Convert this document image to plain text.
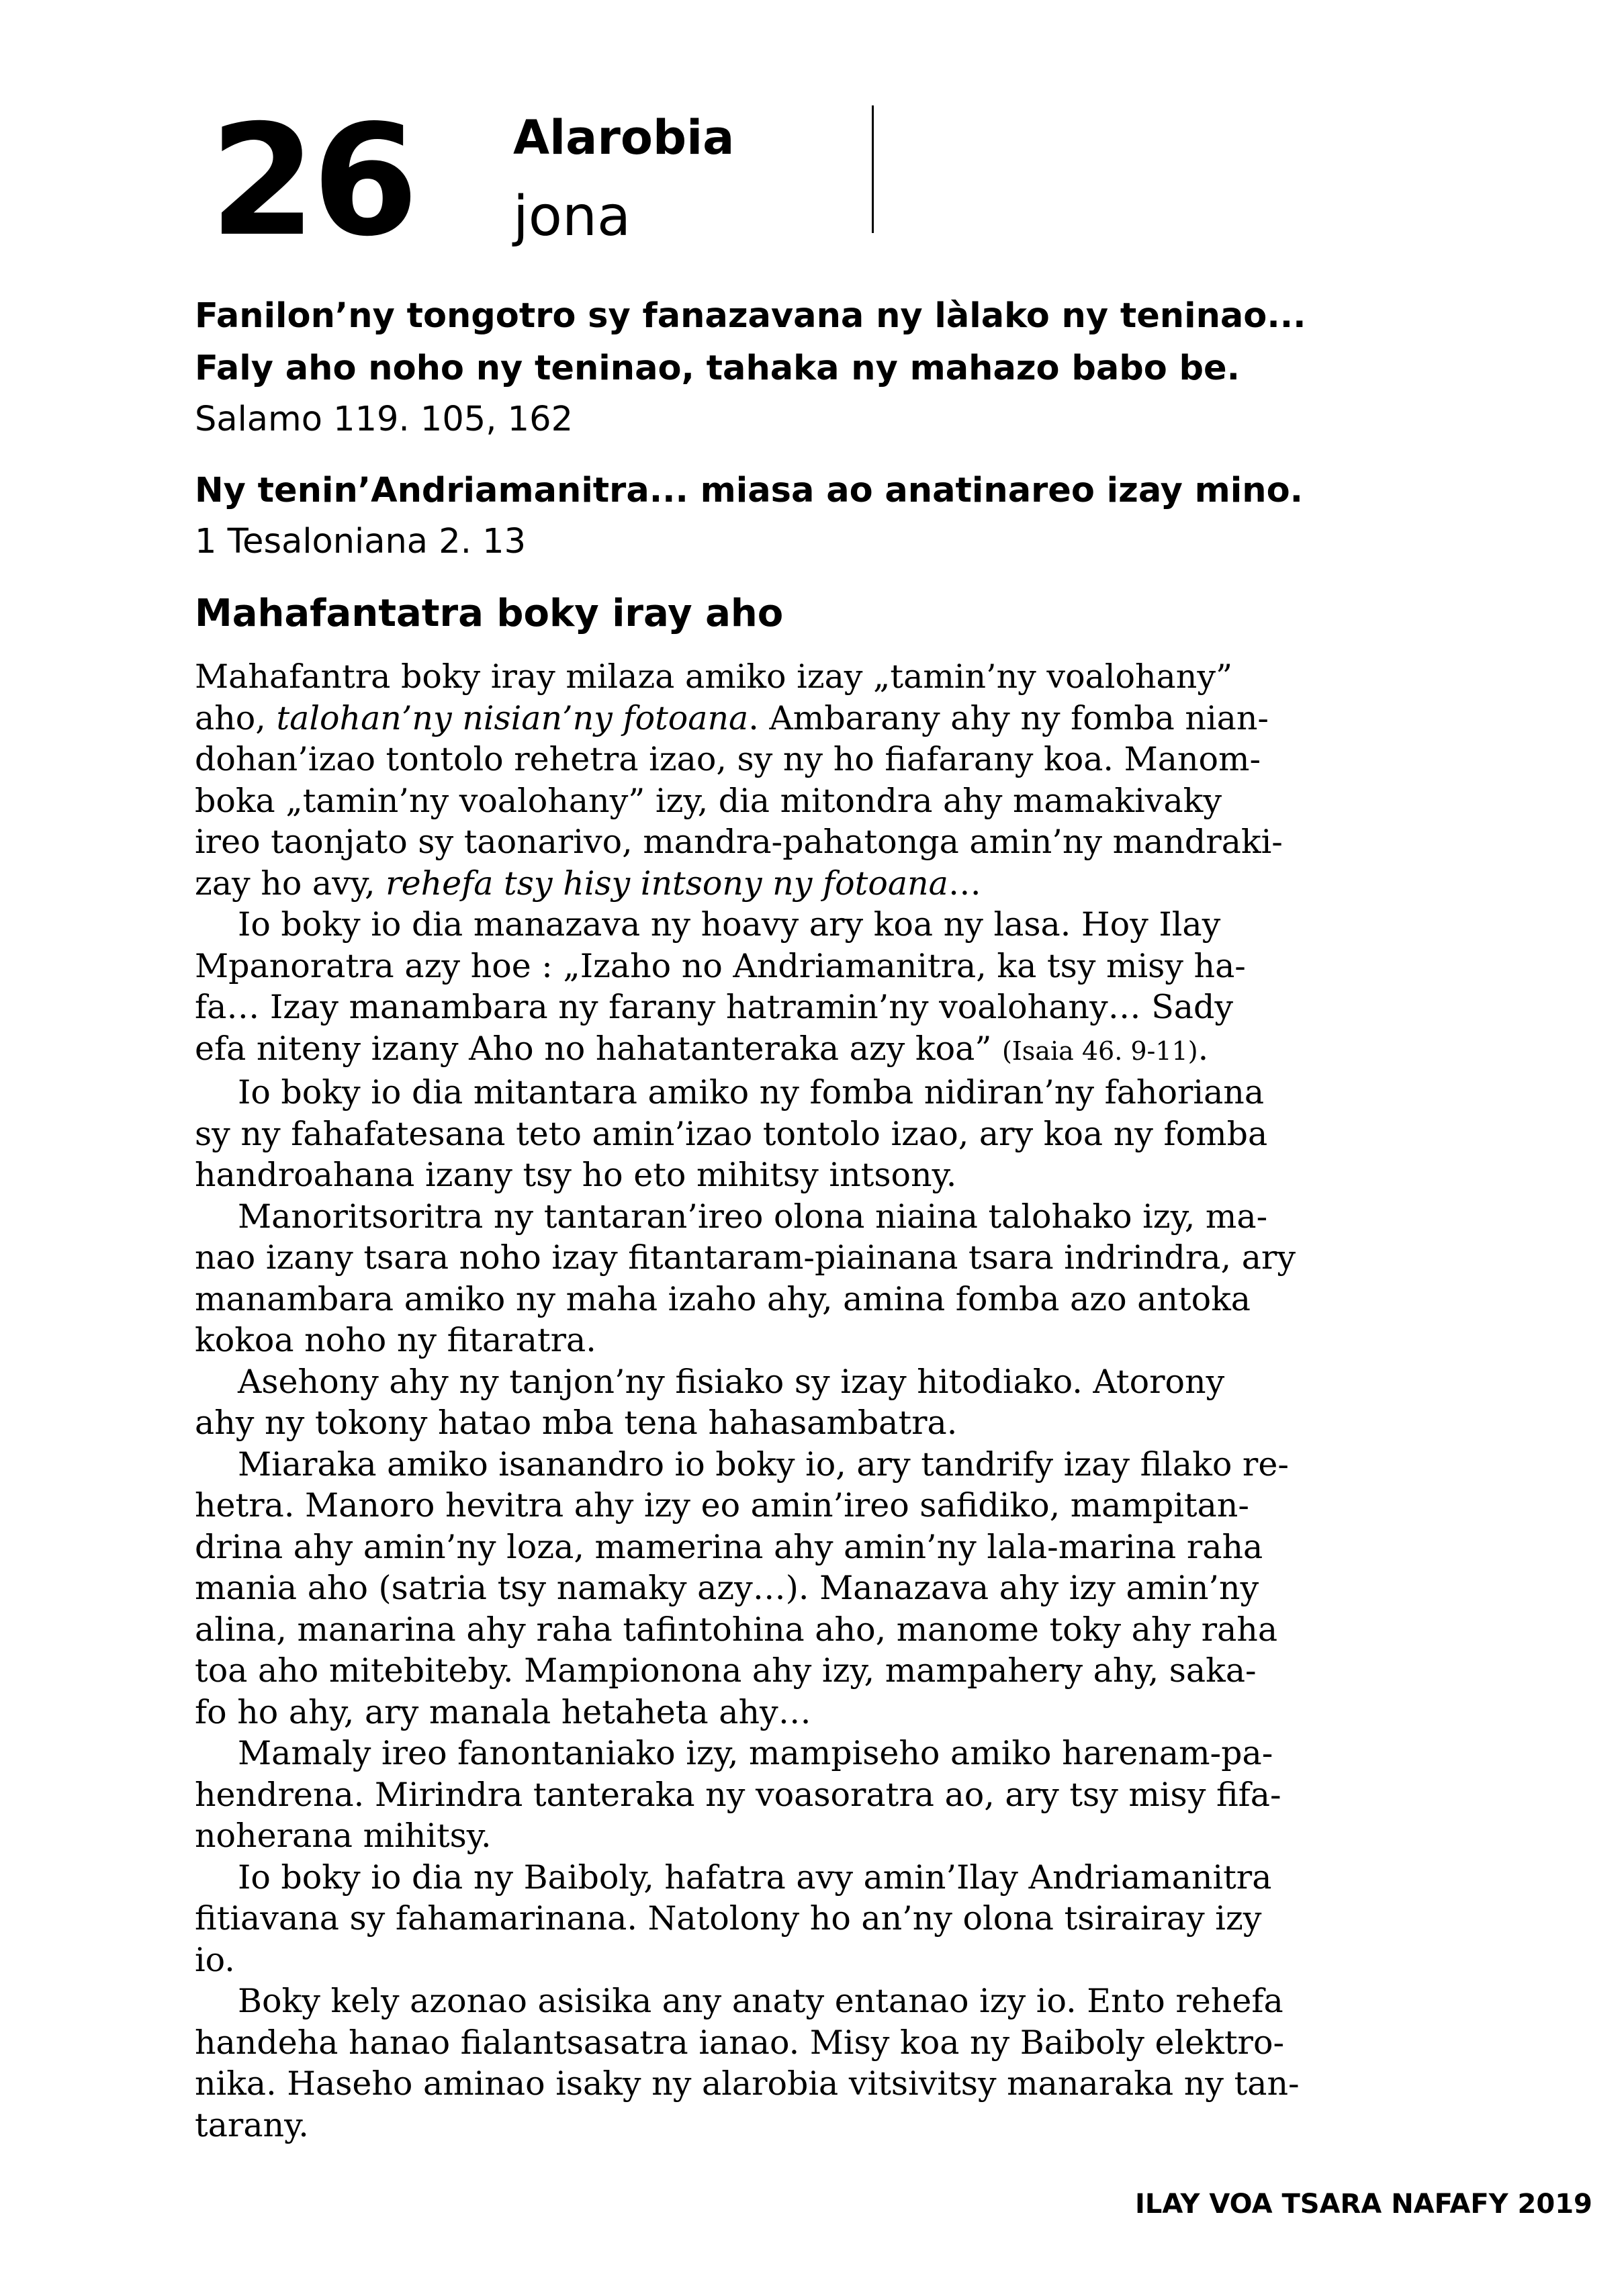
26 Alarobia
jona
Fanilon’ny tongotro sy fanazavana ny làlako ny teninao...
Faly aho noho ny teninao, tahaka ny mahazo babo be.
Salamo 119. 105, 162
Ny tenin’Andriamanitra... miasa ao anatinareo izay mino.
1 Tesaloniana 2. 13
Mahafantatra boky iray aho

Mahafantra boky iray milaza amiko izay „tamin’ny voalohany”
aho, talohan’ny nisian’ny fotoana. Ambarany ahy ny fomba nian-
dohan’izao tontolo rehetra izao, sy ny ho fiafarany koa. Manom-
boka „tamin’ny voalohany” izy, dia mitondra ahy mamakivaky
ireo taonjato sy taonarivo, mandra-pahatonga amin’ny mandraki-
zay ho avy, rehefa tsy hisy intsony ny fotoana…

Io boky io dia manazava ny hoavy ary koa ny lasa. Hoy Ilay
Mpanoratra azy hoe : „Izaho no Andriamanitra, ka tsy misy ha-
fa… Izay manambara ny farany hatramin’ny voalohany… Sady
efa niteny izany Aho no hahatanteraka azy koa” (Isaia 46. 9-11).

Io boky io dia mitantara amiko ny fomba nidiran’ny fahoriana
sy ny fahafatesana teto amin’izao tontolo izao, ary koa ny fomba
handroahana izany tsy ho eto mihitsy intsony.

Manoritsoritra ny tantaran’ireo olona niaina talohako izy, ma-
nao izany tsara noho izay fitantaram-piainana tsara indrindra, ary
manambara amiko ny maha izaho ahy, amina fomba azo antoka
kokoa noho ny fitaratra.

Asehony ahy ny tanjon’ny fisiako sy izay hitodiako. Atorony
ahy ny tokony hatao mba tena hahasambatra.

Miaraka amiko isanandro io boky io, ary tandrify izay filako re-
hetra. Manoro hevitra ahy izy eo amin’ireo safidiko, mampitan-
drina ahy amin’ny loza, mamerina ahy amin’ny lala-marina raha
mania aho (satria tsy namaky azy…). Manazava ahy izy amin’ny
alina, manarina ahy raha tafintohina aho, manome toky ahy raha
toa aho mitebiteby. Mampionona ahy izy, mampahery ahy, saka-
fo ho ahy, ary manala hetaheta ahy…

Mamaly ireo fanontaniako izy, mampiseho amiko harenam-pa-
hendrena. Mirindra tanteraka ny voasoratra ao, ary tsy misy fifa-
noherana mihitsy.

Io boky io dia ny Baiboly, hafatra avy amin’Ilay Andriamanitra
fitiavana sy fahamarinana. Natolony ho an’ny olona tsirairay izy
io.

Boky kely azonao asisika any anaty entanao izy io. Ento rehefa
handeha hanao fialantsasatra ianao. Misy koa ny Baiboly elektro-
nika. Haseho aminao isaky ny alarobia vitsivitsy manaraka ny tan-
tarany.

ILAY VOA TSARA NAFAFY 2019
